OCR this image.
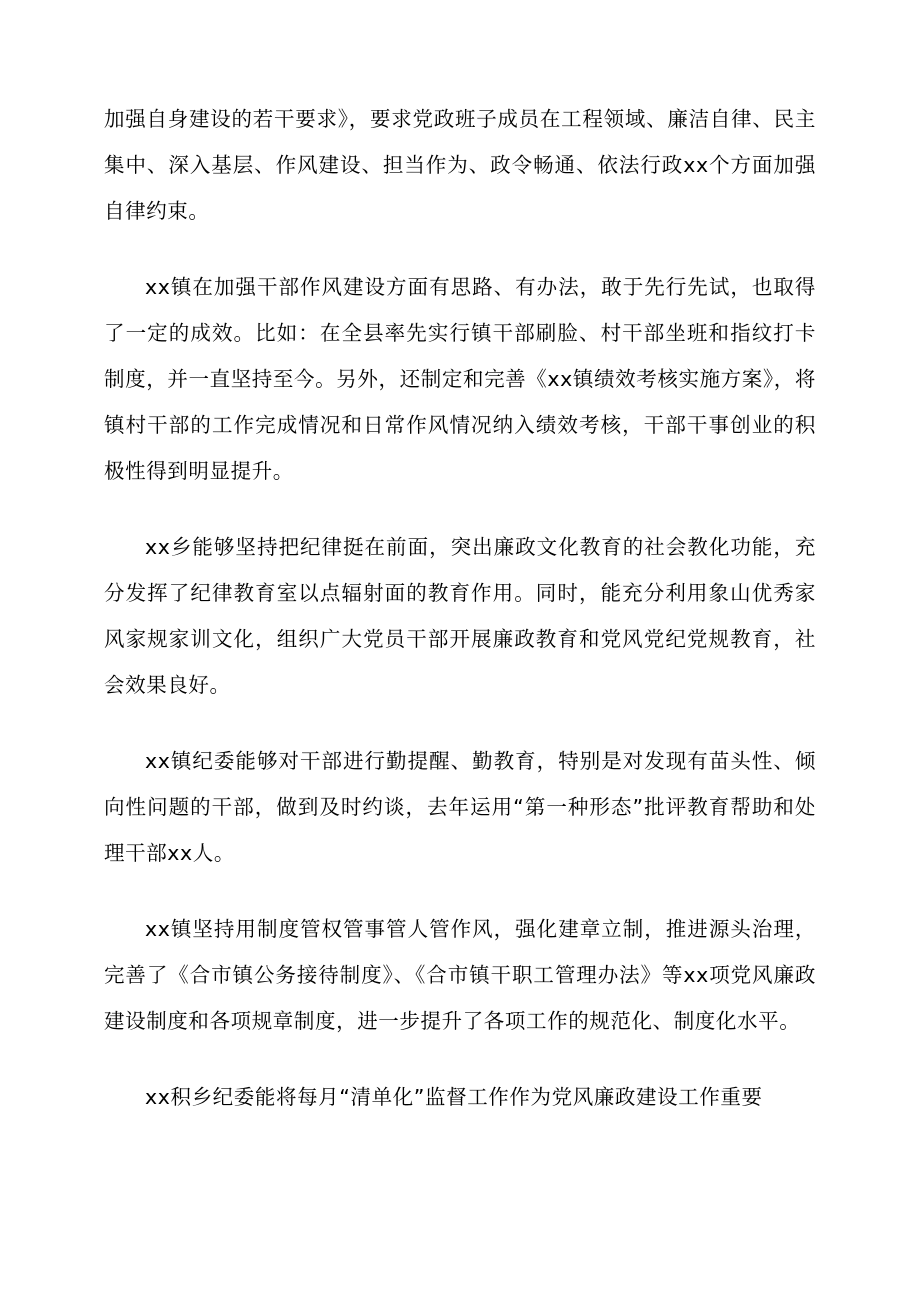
加强自身建设的若干要求》，要求党政班子成员在工程领域、廉洁自律、民主集中、深入基层、作风建设、担当作为、政令畅通、依法行政xx个方面加强自律约束。

xx镇在加强干部作风建设方面有思路、有办法，敢于先行先试，也取得了一定的成效。比如：在全县率先实行镇干部刷脸、村干部坐班和指纹打卡制度，并一直坚持至今。另外，还制定和完善《xx镇绩效考核实施方案》，将镇村干部的工作完成情况和日常作风情况纳入绩效考核，干部干事创业的积极性得到明显提升。

xx乡能够坚持把纪律挺在前面，突出廉政文化教育的社会教化功能，充分发挥了纪律教育室以点辐射面的教育作用。同时，能充分利用象山优秀家风家规家训文化，组织广大党员干部开展廉政教育和党风党纪党规教育，社会效果良好。

xx镇纪委能够对干部进行勤提醒、勤教育，特别是对发现有苗头性、倾向性问题的干部，做到及时约谈，去年运用“第一种形态”批评教育帮助和处理干部xx人。

xx镇坚持用制度管权管事管人管作风，强化建章立制，推进源头治理，完善了《合市镇公务接待制度》、《合市镇干职工管理办法》等xx项党风廉政建设制度和各项规章制度，进一步提升了各项工作的规范化、制度化水平。

xx积乡纪委能将每月“清单化”监督工作作为党风廉政建设工作重要
